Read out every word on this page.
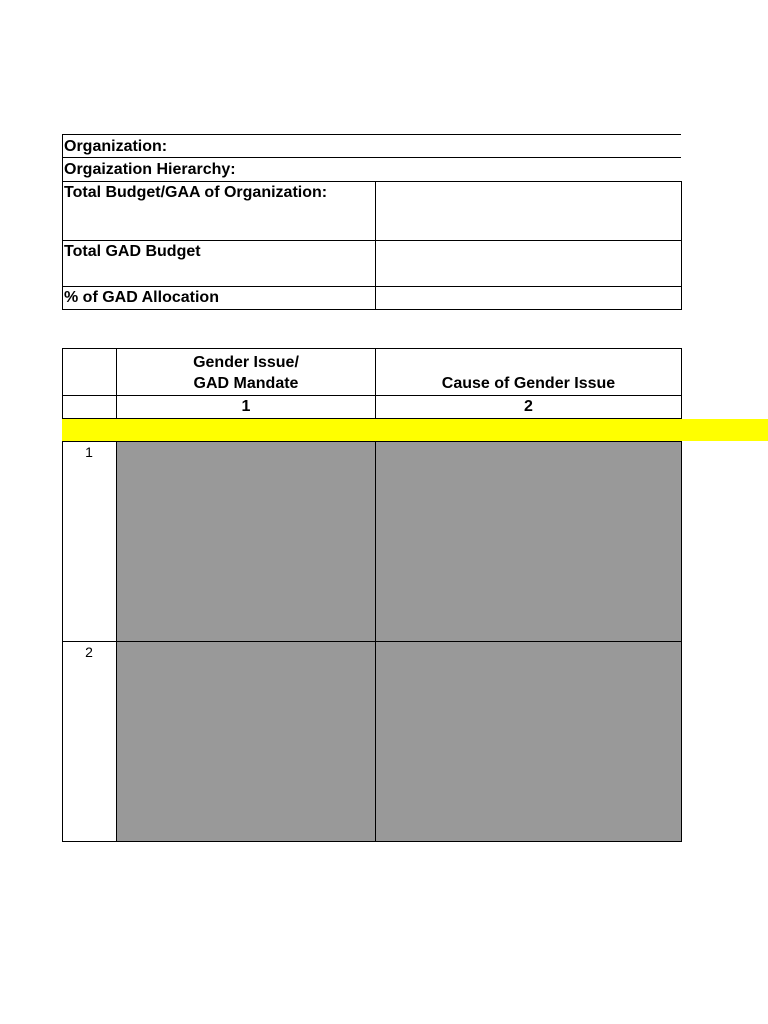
Organization:
Orgaization Hierarchy:
Total Budget/GAA of Organization:
Total GAD Budget
% of GAD Allocation
Gender Issue/
GAD Mandate	Cause of Gender Issue
1	2
1
2
